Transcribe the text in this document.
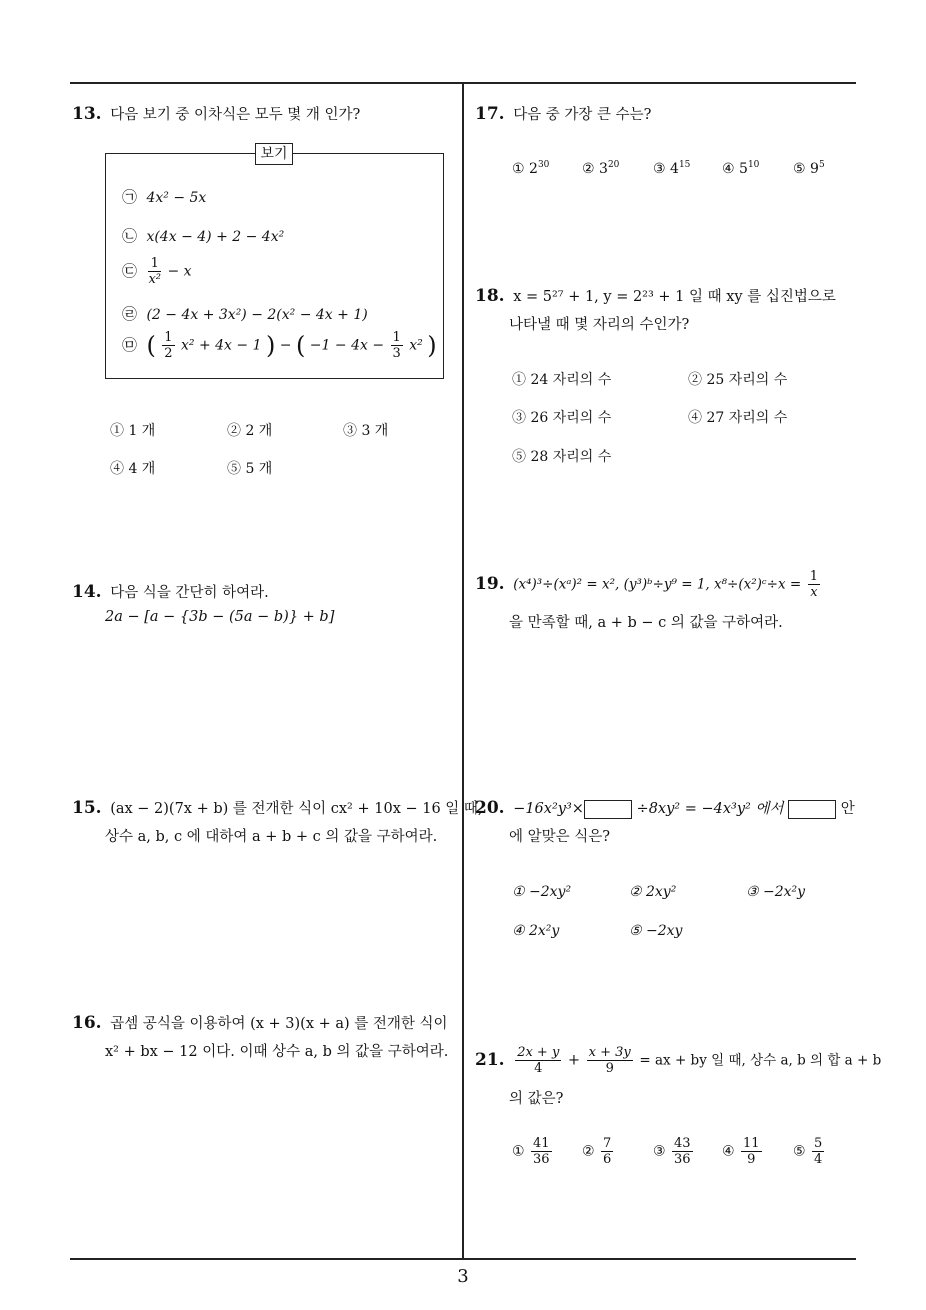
13. 다음 보기 중 이차식은 모두 몇 개 인가?
보기
㉠ 4x² − 5x
㉡ x(4x − 4) + 2 − 4x²
㉢ $\frac{1}{\text{x²}} - x$
㉣ (2 − 4x + 3x²) − 2(x² − 4x + 1)
㉤ ( $\frac{1}{2} x^2 + 4x - 1$ ) − ( $-1 - 4x - \frac{1}{3} x^2$ )
① 1 개	② 2 개	③ 3 개
④ 4 개	⑤ 5 개
14. 다음 식을 간단히 하여라.
2a − [a − {3b − (5a − b)} + b]
15. (ax − 2)(7x + b) 를 전개한 식이 cx² + 10x − 16 일 때,
상수 a, b, c 에 대하여 a + b + c 의 값을 구하여라.
16. 곱셈 공식을 이용하여 (x + 3)(x + a) 를 전개한 식이
x² + bx − 12 이다. 이때 상수 a, b 의 값을 구하여라.
17. 다음 중 가장 큰 수는?
① $2^{30}$ ② $3^{20}$ ③ $4^{15}$ ④ $5^{10}$ ⑤ $9^5$
18. x = 5²⁷ + 1, y = 2²³ + 1 일 때 xy 를 십진법으로
나타낼 때 몇 자리의 수인가?
① 24 자리의 수	② 25 자리의 수
③ 26 자리의 수	④ 27 자리의 수
⑤ 28 자리의 수
19. (x⁴)³÷(xᵃ)² = x², (y³)ᵇ÷y⁹ = 1, x⁸÷(x²)ᶜ÷x = $\frac{1}{x}$
을 만족할 때, a + b − c 의 값을 구하여라.
20. −16x²y³×	÷8xy² = −4x³y² 에서	안
에 알맞은 식은?
① −2xy²	② 2xy²	③ −2x²y
④ 2x²y	⑤ −2xy
21. $\frac{2x + y}{4} + \frac{x + 3y}{9}$ = ax + by 일 때, 상수 a, b 의 합 a + b
의 값은?
① $\frac{41}{36}$ ② $\frac{7}{6}$	③ $\frac{43}{36}$ ④ $\frac{11}{9}$ ⑤ $\frac{5}{4}$
3
